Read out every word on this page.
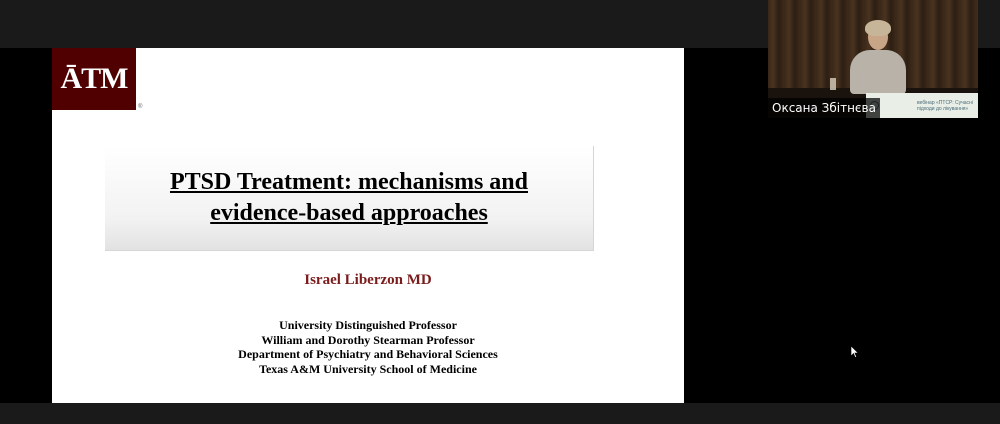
ĀTM
®
PTSD Treatment: mechanisms and
evidence-based approaches
Israel Liberzon MD
University Distinguished Professor
William and Dorothy Stearman Professor
Department of Psychiatry and Behavioral Sciences
Texas A&M University School of Medicine
вебінар «ПТСР: Сучасні підходи до лікування»
Оксана Збітнєва
